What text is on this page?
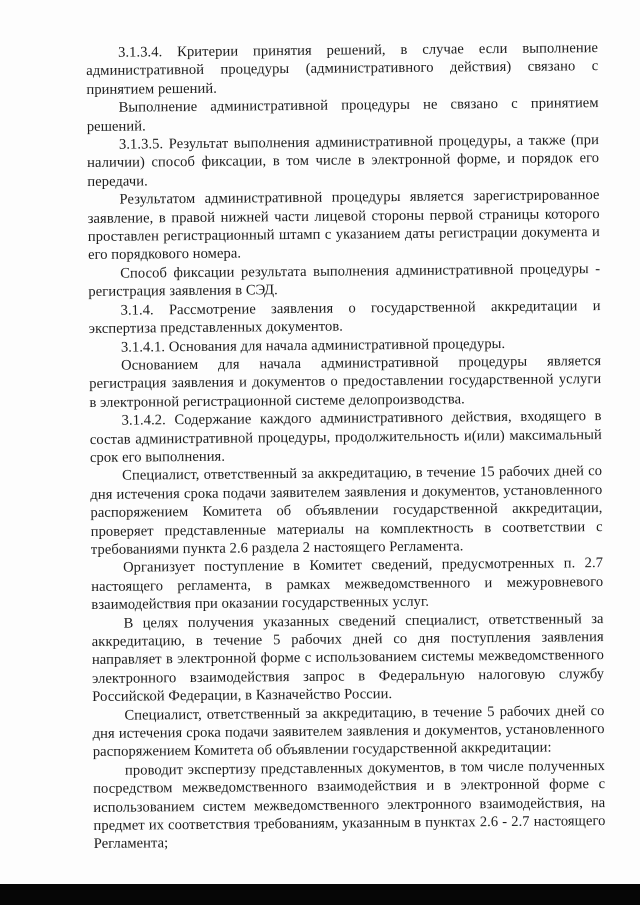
3.1.3.4. Критерии принятия решений, в случае если выполнение административной процедуры (административного действия) связано с принятием решений.

Выполнение административной процедуры не связано с принятием решений.

3.1.3.5. Результат выполнения административной процедуры, а также (при наличии) способ фиксации, в том числе в электронной форме, и порядок его передачи.

Результатом административной процедуры является зарегистрированное заявление, в правой нижней части лицевой стороны первой страницы которого проставлен регистрационный штамп с указанием даты регистрации документа и его порядкового номера.

Способ фиксации результата выполнения административной процедуры - регистрация заявления в СЭД.

3.1.4. Рассмотрение заявления о государственной аккредитации и экспертиза представленных документов.

3.1.4.1. Основания для начала административной процедуры.

Основанием для начала административной процедуры является регистрация заявления и документов о предоставлении государственной услуги в электронной регистрационной системе делопроизводства.

3.1.4.2. Содержание каждого административного действия, входящего в состав административной процедуры, продолжительность и(или) максимальный срок его выполнения.

Специалист, ответственный за аккредитацию, в течение 15 рабочих дней со дня истечения срока подачи заявителем заявления и документов, установленного распоряжением Комитета об объявлении государственной аккредитации, проверяет представленные материалы на комплектность в соответствии с требованиями пункта 2.6 раздела 2 настоящего Регламента.

Организует поступление в Комитет сведений, предусмотренных п. 2.7 настоящего регламента, в рамках межведомственного и межуровневого взаимодействия при оказании государственных услуг.

В целях получения указанных сведений специалист, ответственный за аккредитацию, в течение 5 рабочих дней со дня поступления заявления направляет в электронной форме с использованием системы межведомственного электронного взаимодействия запрос в Федеральную налоговую службу Российской Федерации, в Казначейство России.

Специалист, ответственный за аккредитацию, в течение 5 рабочих дней со дня истечения срока подачи заявителем заявления и документов, установленного распоряжением Комитета об объявлении государственной аккредитации:

проводит экспертизу представленных документов, в том числе полученных посредством межведомственного взаимодействия и в электронной форме с использованием систем межведомственного электронного взаимодействия, на предмет их соответствия требованиям, указанным в пунктах 2.6 - 2.7 настоящего Регламента;
